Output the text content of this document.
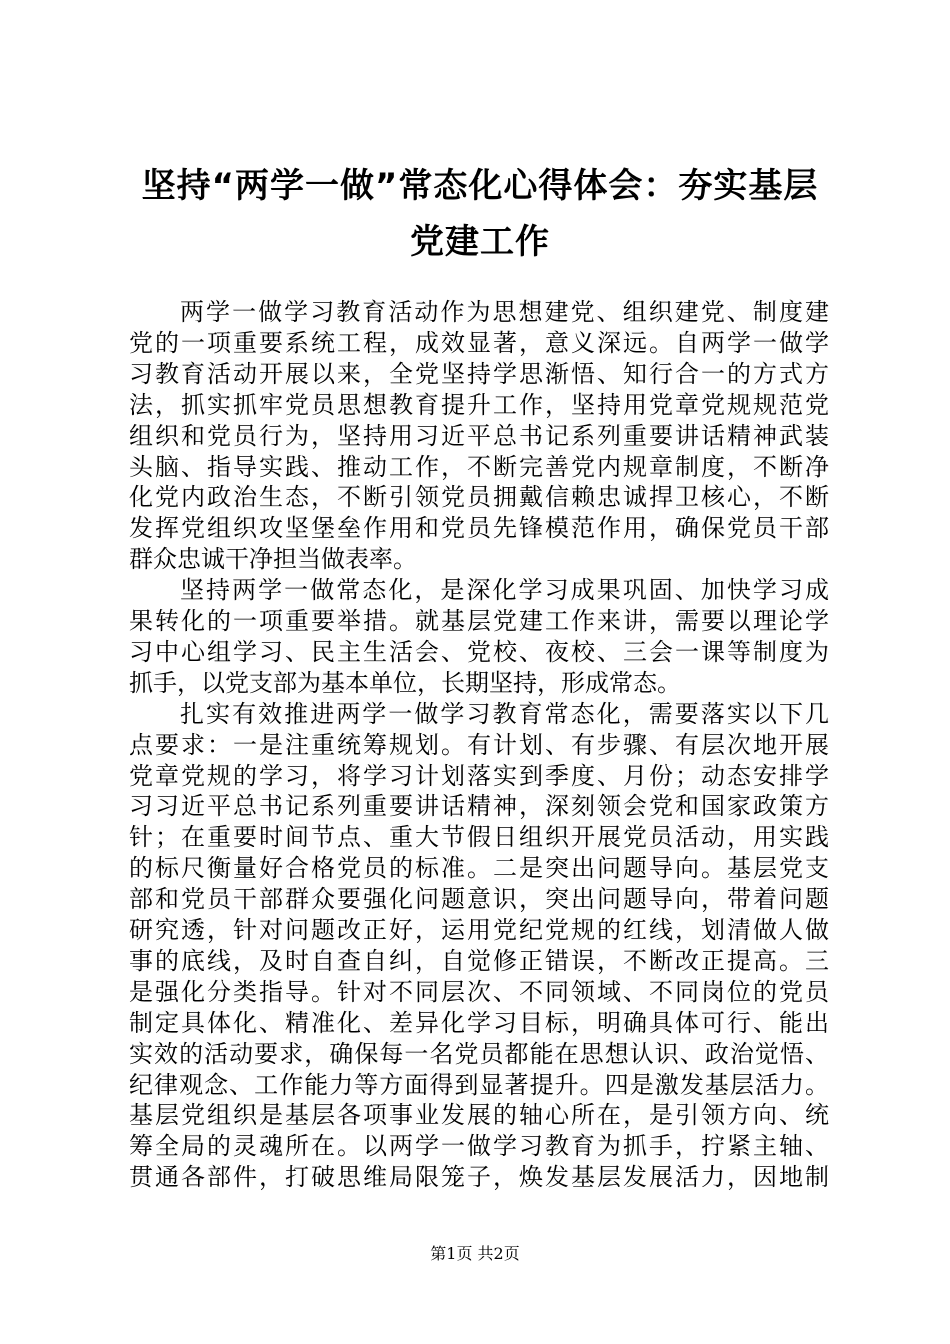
坚持“两学一做”常态化心得体会：夯实基层
党建工作
两学一做学习教育活动作为思想建党、组织建党、制度建
党的一项重要系统工程，成效显著，意义深远。自两学一做学
习教育活动开展以来，全党坚持学思渐悟、知行合一的方式方
法，抓实抓牢党员思想教育提升工作，坚持用党章党规规范党
组织和党员行为，坚持用习近平总书记系列重要讲话精神武装
头脑、指导实践、推动工作，不断完善党内规章制度，不断净
化党内政治生态，不断引领党员拥戴信赖忠诚捍卫核心，不断
发挥党组织攻坚堡垒作用和党员先锋模范作用，确保党员干部
群众忠诚干净担当做表率。
坚持两学一做常态化，是深化学习成果巩固、加快学习成
果转化的一项重要举措。就基层党建工作来讲，需要以理论学
习中心组学习、民主生活会、党校、夜校、三会一课等制度为
抓手，以党支部为基本单位，长期坚持，形成常态。
扎实有效推进两学一做学习教育常态化，需要落实以下几
点要求：一是注重统筹规划。有计划、有步骤、有层次地开展
党章党规的学习，将学习计划落实到季度、月份；动态安排学
习习近平总书记系列重要讲话精神，深刻领会党和国家政策方
针；在重要时间节点、重大节假日组织开展党员活动，用实践
的标尺衡量好合格党员的标准。二是突出问题导向。基层党支
部和党员干部群众要强化问题意识，突出问题导向，带着问题
研究透，针对问题改正好，运用党纪党规的红线，划清做人做
事的底线，及时自查自纠，自觉修正错误，不断改正提高。三
是强化分类指导。针对不同层次、不同领域、不同岗位的党员
制定具体化、精准化、差异化学习目标，明确具体可行、能出
实效的活动要求，确保每一名党员都能在思想认识、政治觉悟、
纪律观念、工作能力等方面得到显著提升。四是激发基层活力。
基层党组织是基层各项事业发展的轴心所在，是引领方向、统
筹全局的灵魂所在。以两学一做学习教育为抓手，拧紧主轴、
贯通各部件，打破思维局限笼子，焕发基层发展活力，因地制
第1页 共2页
